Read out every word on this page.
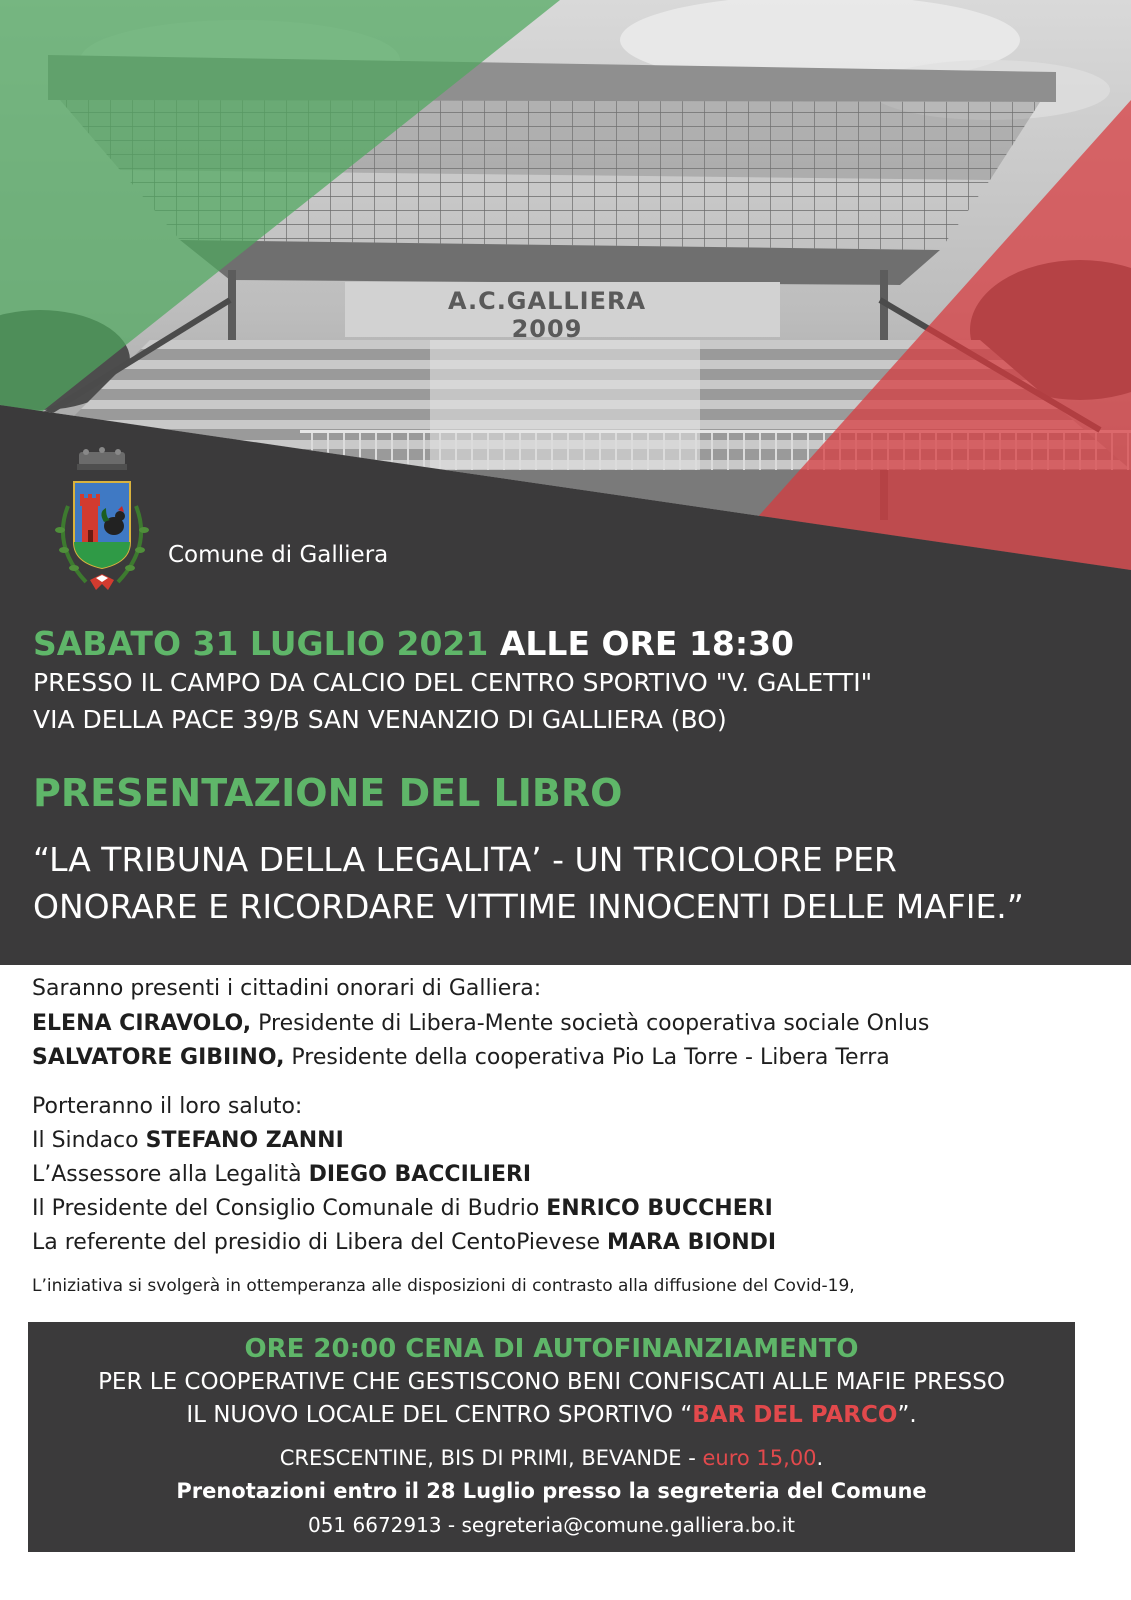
A.C.GALLIERA 2009
Comune di Galliera
SABATO 31 LUGLIO 2021 ALLE ORE 18:30
PRESSO IL CAMPO DA CALCIO DEL CENTRO SPORTIVO "V. GALETTI"
VIA DELLA PACE 39/B SAN VENANZIO DI GALLIERA (BO)
PRESENTAZIONE DEL LIBRO
“LA TRIBUNA DELLA LEGALITA’ - UN TRICOLORE PER
ONORARE E RICORDARE VITTIME INNOCENTI DELLE MAFIE.”
Saranno presenti i cittadini onorari di Galliera:
ELENA CIRAVOLO, Presidente di Libera-Mente società cooperativa sociale Onlus
SALVATORE GIBIINO, Presidente della cooperativa Pio La Torre - Libera Terra
Porteranno il loro saluto:
Il Sindaco STEFANO ZANNI
L’Assessore alla Legalità DIEGO BACCILIERI
Il Presidente del Consiglio Comunale di Budrio ENRICO BUCCHERI
La referente del presidio di Libera del CentoPievese MARA BIONDI
L’iniziativa si svolgerà in ottemperanza alle disposizioni di contrasto alla diffusione del Covid-19,
ORE 20:00 CENA DI AUTOFINANZIAMENTO
PER LE COOPERATIVE CHE GESTISCONO BENI CONFISCATI ALLE MAFIE PRESSO
IL NUOVO LOCALE DEL CENTRO SPORTIVO “BAR DEL PARCO”.
CRESCENTINE, BIS DI PRIMI, BEVANDE - euro 15,00.
Prenotazioni entro il 28 Luglio presso la segreteria del Comune
051 6672913 - segreteria@comune.galliera.bo.it
